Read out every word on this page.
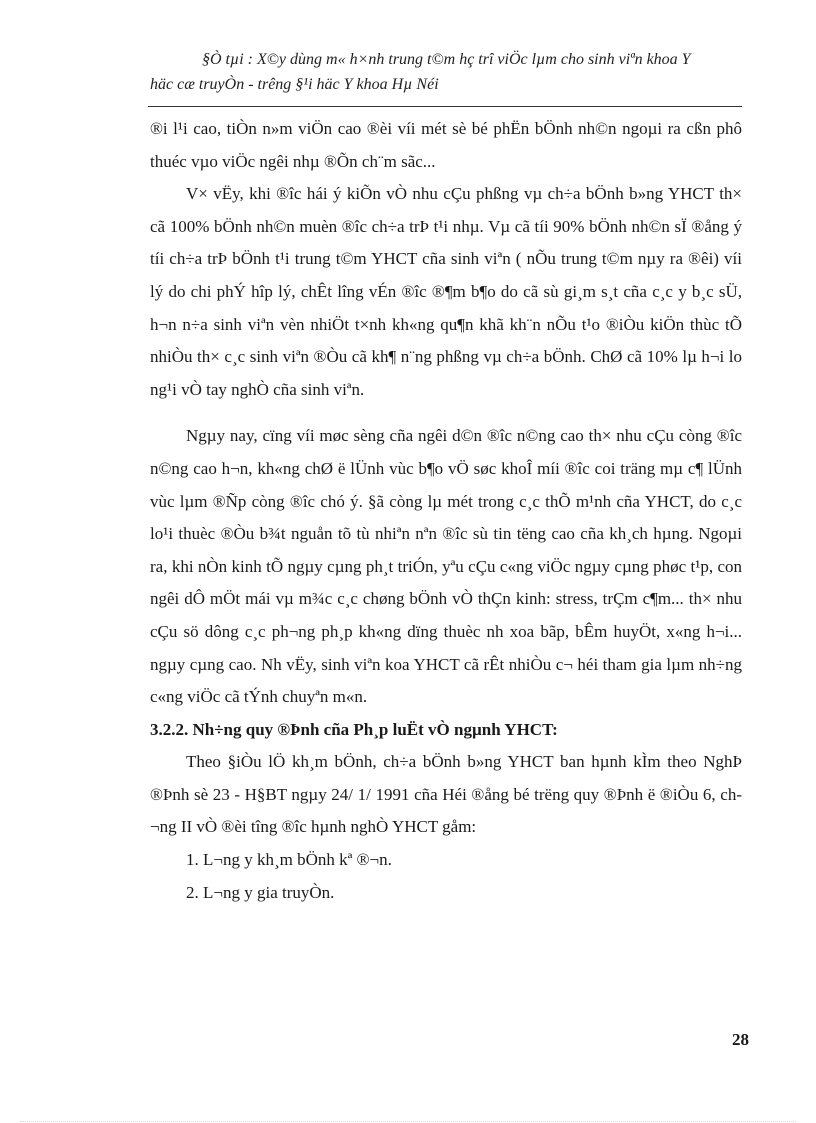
§Ò tµi : X©y dùng m« h×nh trung t©m hç trî viÖc lµm cho sinh viªn khoa Y
häc cæ truyÒn - trêng §¹i häc Y khoa Hµ Néi

®i l¹i cao, tiÒn n»m viÖn cao ®èi víi mét sè bé phËn bÖnh nh©n ngoµi ra cßn phô thuéc vµo viÖc ngêi nhµ ®Õn ch¨m sãc...

V× vËy, khi ®îc hái ý kiÕn vÒ nhu cÇu phßng vµ ch÷a bÖnh b»ng YHCT th× cã 100% bÖnh nh©n muèn ®îc ch÷a trÞ t¹i nhµ. Vµ cã tíi 90% bÖnh nh©n sÏ ®ång ý tíi ch÷a trÞ bÖnh t¹i trung t©m YHCT cña sinh viªn ( nÕu trung t©m nµy ra ®êi) víi lý do chi phÝ hîp lý, chÊt lîng vÉn ®îc ®¶m b¶o do cã sù gi¸m s¸t cña c¸c y b¸c sÜ, h¬n n÷a sinh viªn vèn nhiÖt t×nh kh«ng qu¶n khã kh¨n nÕu t¹o ®iÒu kiÖn thùc tÕ nhiÒu th× c¸c sinh viªn ®Òu cã kh¶ n¨ng phßng vµ ch÷a bÖnh. ChØ cã 10% lµ h¬i lo ng¹i vÒ tay nghÒ cña sinh viªn.

Ngµy nay, cïng víi møc sèng cña ngêi d©n ®îc n©ng cao th× nhu cÇu còng ®îc n©ng cao h¬n, kh«ng chØ ë lÜnh vùc b¶o vÖ søc khoÎ míi ®îc coi träng mµ c¶ lÜnh vùc lµm ®Ñp còng ®îc chó ý. §ã còng lµ mét trong c¸c thÕ m¹nh cña YHCT, do c¸c lo¹i thuèc ®Òu b¾t nguån tõ tù nhiªn nªn ®îc sù tin tëng cao cña kh¸ch hµng. Ngoµi ra, khi nÒn kinh tÕ ngµy cµng ph¸t triÓn, yªu cÇu c«ng viÖc ngµy cµng phøc t¹p, con ngêi dÔ mÖt mái vµ m¾c c¸c chøng bÖnh vÒ thÇn kinh: stress, trÇm c¶m... th× nhu cÇu sö dông c¸c ph¬ng ph¸p kh«ng dïng thuèc nh xoa bãp, bÊm huyÖt, x«ng h¬i... ngµy cµng cao. Nh vËy, sinh viªn koa YHCT cã rÊt nhiÒu c¬ héi tham gia lµm nh÷ng c«ng viÖc cã tÝnh chuyªn m«n.

3.2.2. Nh÷ng quy ®Þnh cña Ph¸p luËt vÒ ngµnh YHCT:

Theo §iÒu lÖ kh¸m bÖnh, ch÷a bÖnh b»ng YHCT ban hµnh kÌm theo NghÞ ®Þnh sè 23 - H§BT ngµy 24/ 1/ 1991 cña Héi ®ång bé trëng quy ®Þnh ë ®iÒu 6, ch¬ng II vÒ ®èi tîng ®îc hµnh nghÒ YHCT gåm:

1. L¬ng y kh¸m bÖnh kª ®¬n.

2. L¬ng y gia truyÒn.

28
